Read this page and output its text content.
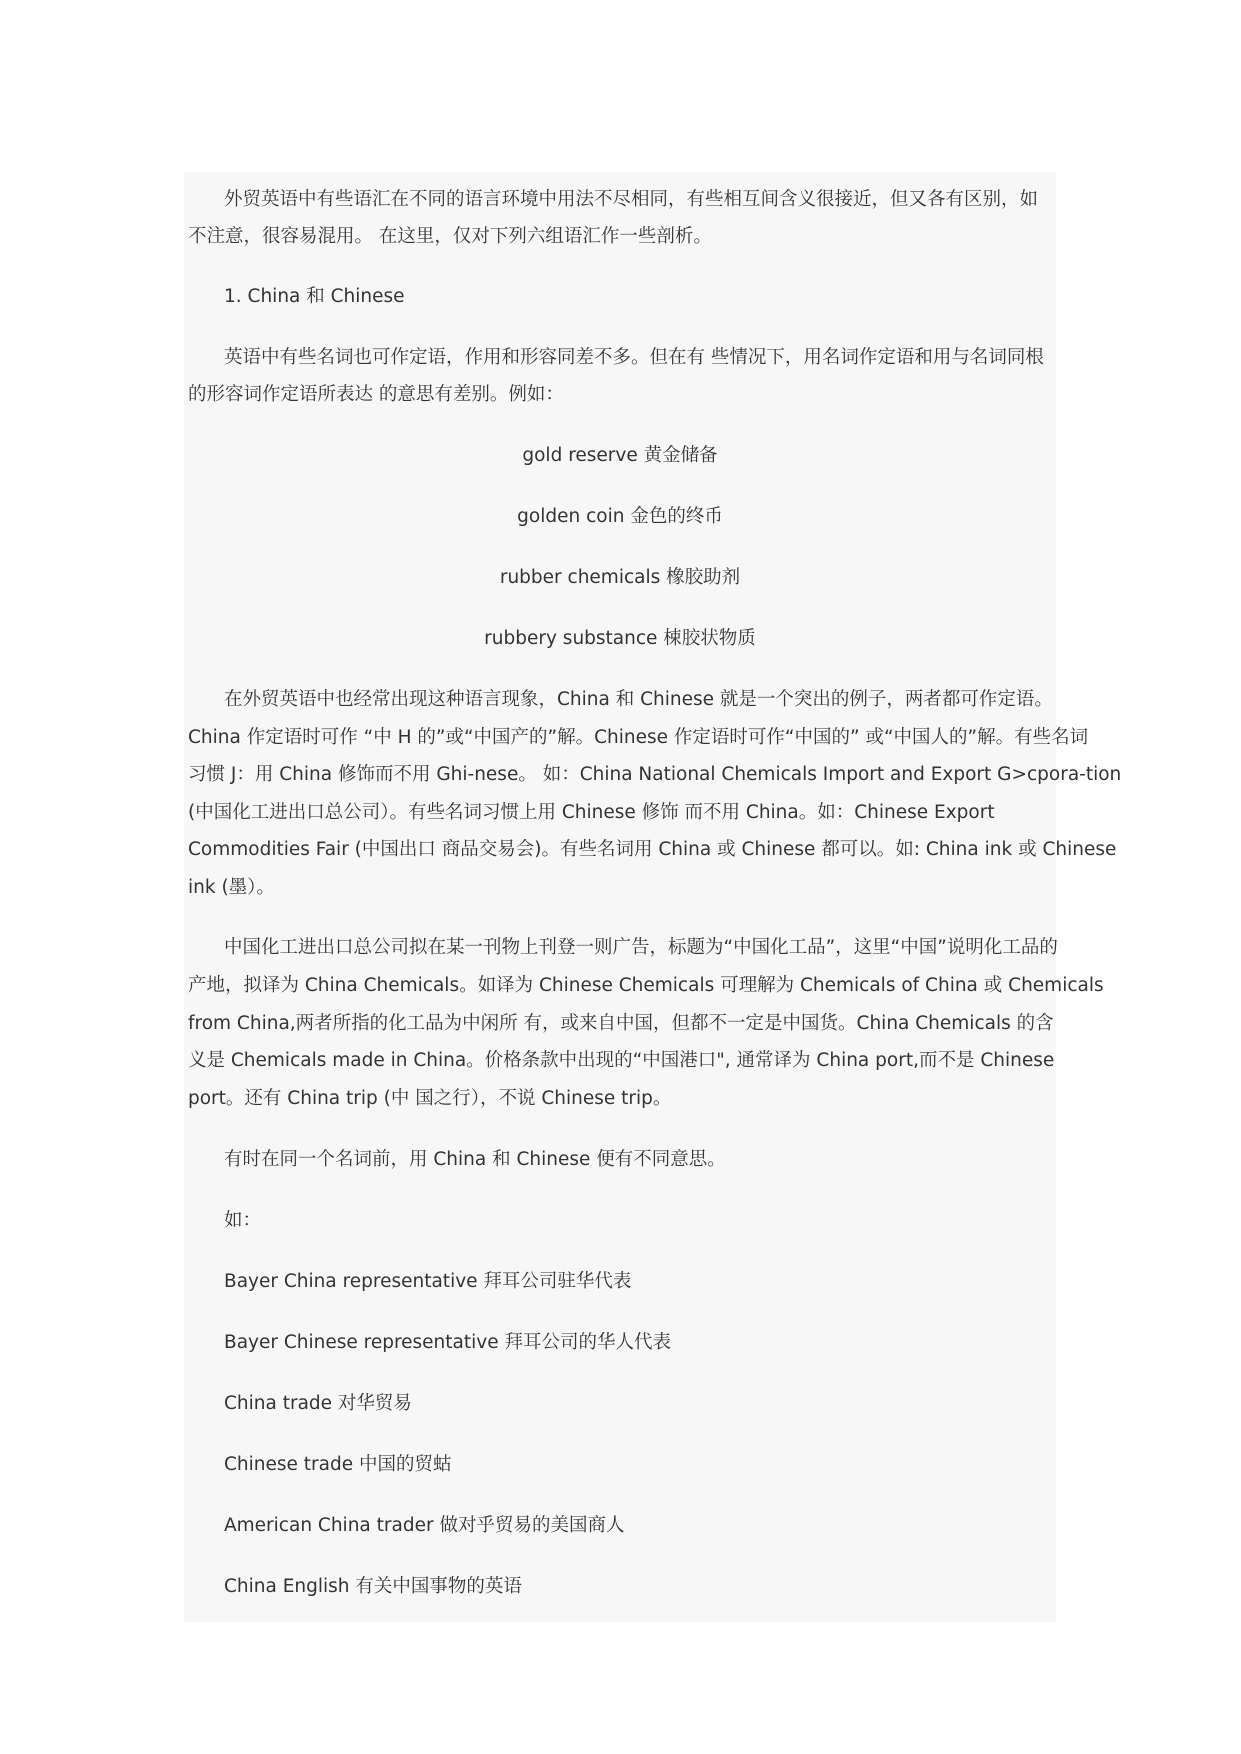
外贸英语中有些语汇在不同的语言环境中用法不尽相同，有些相互间含义很接近，但又各有区别，如
不注意，很容易混用。 在这里，仅对下列六组语汇作一些剖析。
1. China 和 Chinese
英语中有些名词也可作定语，作用和形容同差不多。但在有 些情况下，用名词作定语和用与名词同根
的形容词作定语所表达 的意思有差别。例如：
gold reserve 黄金储备
golden coin 金色的终币
rubber chemicals 橡胶助剂
rubbery substance 梀胶状物质
在外贸英语中也经常出现这种语言现象，China 和 Chinese 就是一个突出的例子，两者都可作定语。
China 作定语时可作 “中 H 的”或“中国产的”解。Chinese 作定语时可作“中国的” 或“中国人的”解。有些名词
习惯 J：用 China 修饰而不用 Ghi-nese。 如：China National Chemicals Import and Export G>cpora-tion
(中国化工进出口总公司）。有些名词习惯上用 Chinese 修饰 而不用 China。如：Chinese Export
Commodities Fair (中国出口 商品交易会)。有些名词用 China 或 Chinese 都可以。如: China ink 或 Chinese
ink (墨）。
中国化工进出口总公司拟在某一刊物上刊登一则广告，标题为“中国化工品”，这里“中国”说明化工品的
产地，拟译为 China Chemicals。如译为 Chinese Chemicals 可理解为 Chemicals of China 或 Chemicals
from China,两者所指的化工品为中闲所 有，或来自中国，但都不一定是中国货。China Chemicals 的含
义是 Chemicals made in China。价格条款中出现的“中国港口", 通常译为 China port,而不是 Chinese
port。还有 China trip (中 国之行），不说 Chinese trip。
有时在同一个名词前，用 China 和 Chinese 便有不同意思。
如：
Bayer China representative 拜耳公司驻华代表
Bayer Chinese representative 拜耳公司的华人代表
China trade 对华贸易
Chinese trade 中国的贸蛄
American China trader 做对乎贸易的美国商人
China English 有关中国事物的英语
